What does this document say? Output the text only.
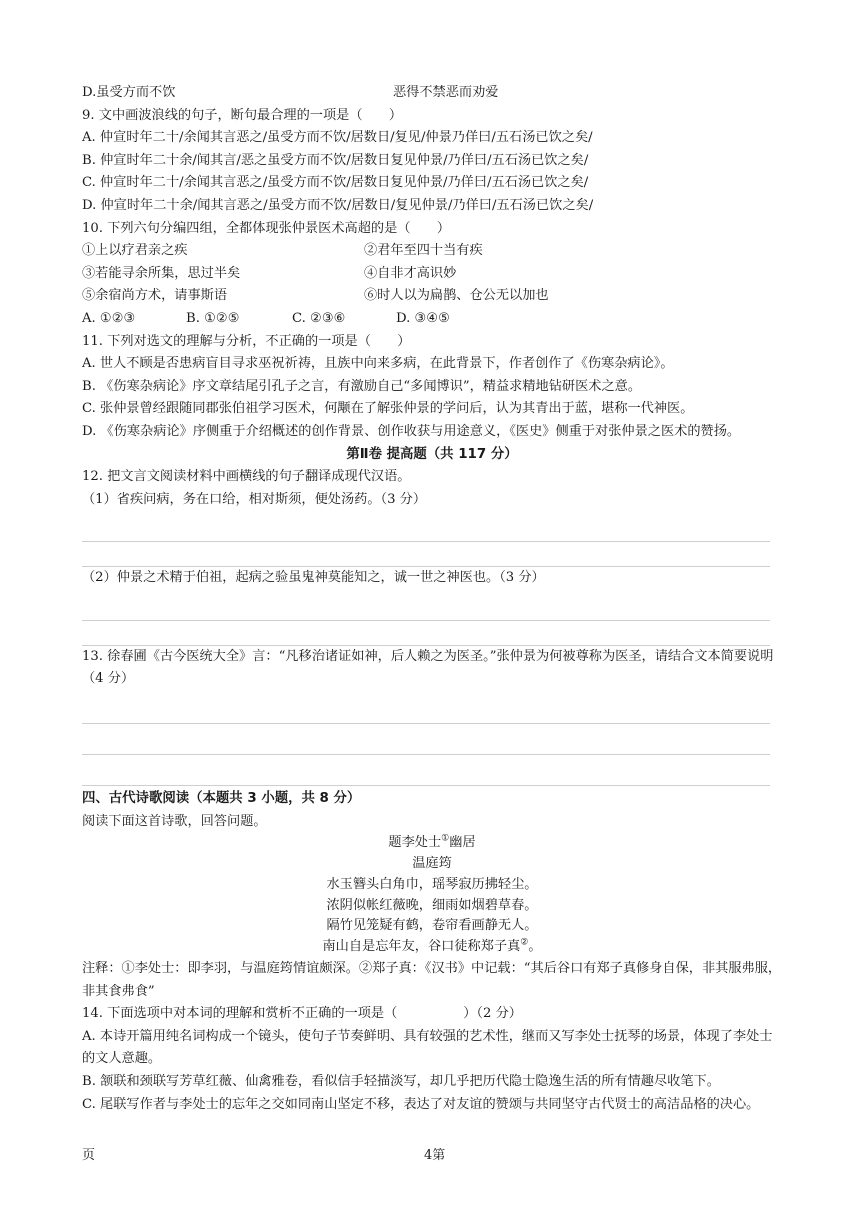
D.虽受方而不饮	恶得不禁恶而劝爱
9. 文中画波浪线的句子，断句最合理的一项是（　　）
A. 仲宣时年二十/余闻其言恶之/虽受方而不饮/居数日/复见/仲景乃佯曰/五石汤已饮之矣/
B. 仲宣时年二十余/闻其言/恶之虽受方而不饮/居数日复见仲景/乃佯曰/五石汤已饮之矣/
C. 仲宣时年二十/余闻其言恶之/虽受方而不饮/居数日复见仲景/乃佯曰/五石汤已饮之矣/
D. 仲宣时年二十余/闻其言恶之/虽受方而不饮/居数日/复见仲景/乃佯曰/五石汤已饮之矣/
10. 下列六句分编四组，全都体现张仲景医术高超的是（　　）
①上以疗君亲之疾	②君年至四十当有疾
③若能寻余所集，思过半矣	④自非才高识妙
⑤余宿尚方术，请事斯语	⑥时人以为扁鹊、仓公无以加也
A. ①②③	B. ①②⑤	C. ②③⑥	D. ③④⑤
11. 下列对选文的理解与分析，不正确的一项是（　　）
A. 世人不顾是否患病盲目寻求巫祝祈祷，且族中向来多病，在此背景下，作者创作了《伤寒杂病论》。
B. 《伤寒杂病论》序文章结尾引孔子之言，有激励自己“多闻博识”，精益求精地钻研医术之意。
C. 张仲景曾经跟随同郡张伯祖学习医术，何颙在了解张仲景的学问后，认为其青出于蓝，堪称一代神医。
D. 《伤寒杂病论》序侧重于介绍概述的创作背景、创作收获与用途意义，《医史》侧重于对张仲景之医术的赞扬。
第Ⅱ卷 提高题（共 117 分）
12. 把文言文阅读材料中画横线的句子翻译成现代汉语。
（1）省疾问病，务在口给，相对斯须，便处汤药。（3 分）
（2）仲景之术精于伯祖，起病之验虽鬼神莫能知之，诚一世之神医也。（3 分）
13. 徐春圃《古今医统大全》言：“凡移治诸证如神，后人赖之为医圣。”张仲景为何被尊称为医圣，请结合文本简要说明（4 分）
四、古代诗歌阅读（本题共 3 小题，共 8 分）
阅读下面这首诗歌，回答问题。
题李处士①幽居
温庭筠
水玉簪头白角巾，瑶琴寂历拂轻尘。
浓阴似帐红薇晚，细雨如烟碧草春。
隔竹见笼疑有鹤，卷帘看画静无人。
南山自是忘年友，谷口徒称郑子真②。
注释：①李处士：即李羽，与温庭筠情谊颇深。②郑子真：《汉书》中记载：“其后谷口有郑子真修身自保，非其服弗服，非其食弗食”
14. 下面选项中对本词的理解和赏析不正确的一项是（　　　　　）（2 分）
A. 本诗开篇用纯名词构成一个镜头，使句子节奏鲜明、具有较强的艺术性，继而又写李处士抚琴的场景，体现了李处士的文人意趣。
B. 颔联和颈联写芳草红薇、仙禽雅卷，看似信手轻描淡写，却几乎把历代隐士隐逸生活的所有情趣尽收笔下。
C. 尾联写作者与李处士的忘年之交如同南山坚定不移，表达了对友谊的赞颂与共同坚守古代贤士的高洁品格的决心。
页	4第
